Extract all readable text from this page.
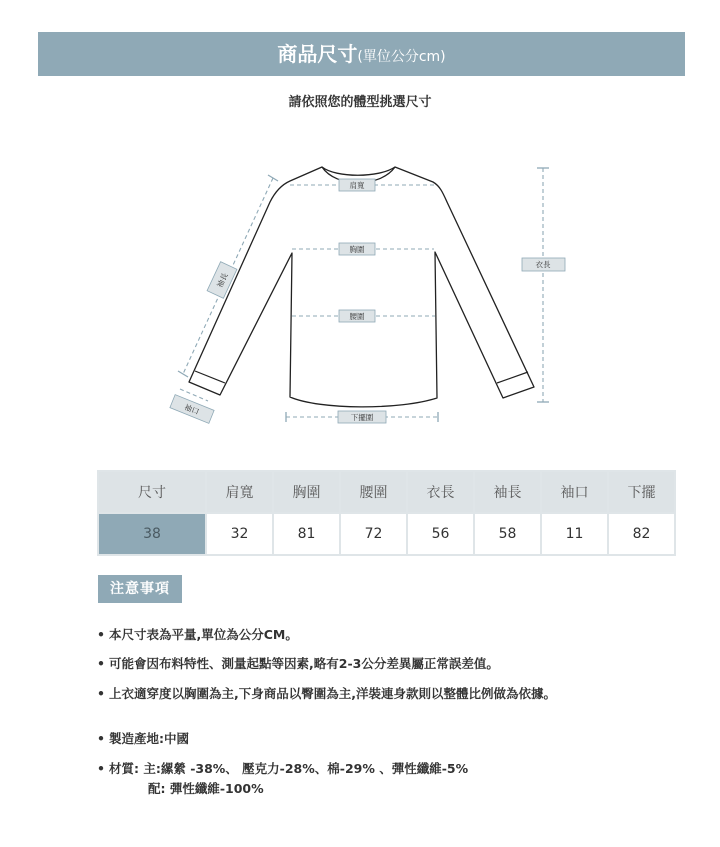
商品尺寸(單位公分cm)
請依照您的體型挑選尺寸
肩寬
胸圍
腰圍
衣長
下擺圍
袖長
袖口
尺寸	肩寬	胸圍	腰圍	衣長	袖長	袖口	下擺
38	32	81	72	56	58	11	82
注意事項
• 本尺寸表為平量,單位為公分CM。
• 可能會因布料特性、測量起點等因素,略有2-3公分差異屬正常誤差值。
• 上衣適穿度以胸圍為主,下身商品以臀圍為主,洋裝連身款則以整體比例做為依據。
• 製造產地:中國
• 材質: 主:縲縈 -38%、 壓克力-28%、棉-29% 、彈性纖維-5%
配: 彈性纖維-100%
